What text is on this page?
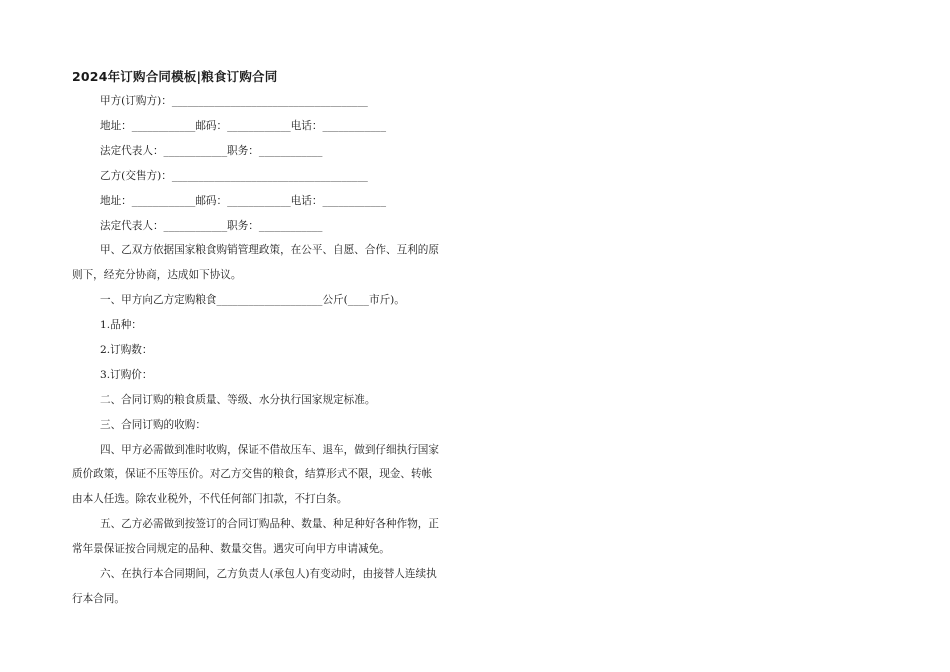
2024年订购合同模板|粮食订购合同
甲方(订购方)：_____________________________________
地址：____________邮码：____________电话：____________
法定代表人：____________职务：____________
乙方(交售方)：_____________________________________
地址：____________邮码：____________电话：____________
法定代表人：____________职务：____________
甲、乙双方依据国家粮食购销管理政策，在公平、自愿、合作、互利的原
则下，经充分协商，达成如下协议。
一、甲方向乙方定购粮食____________________公斤(____市斤)。
1.品种：
2.订购数：
3.订购价：
二、合同订购的粮食质量、等级、水分执行国家规定标准。
三、合同订购的收购：
四、甲方必需做到准时收购，保证不借故压车、退车，做到仔细执行国家
质价政策，保证不压等压价。对乙方交售的粮食，结算形式不限，现金、转帐
由本人任选。除农业税外，不代任何部门扣款，不打白条。
五、乙方必需做到按签订的合同订购品种、数量、种足种好各种作物，正
常年景保证按合同规定的品种、数量交售。遇灾可向甲方申请减免。
六、在执行本合同期间，乙方负责人(承包人)有变动时，由接替人连续执
行本合同。
